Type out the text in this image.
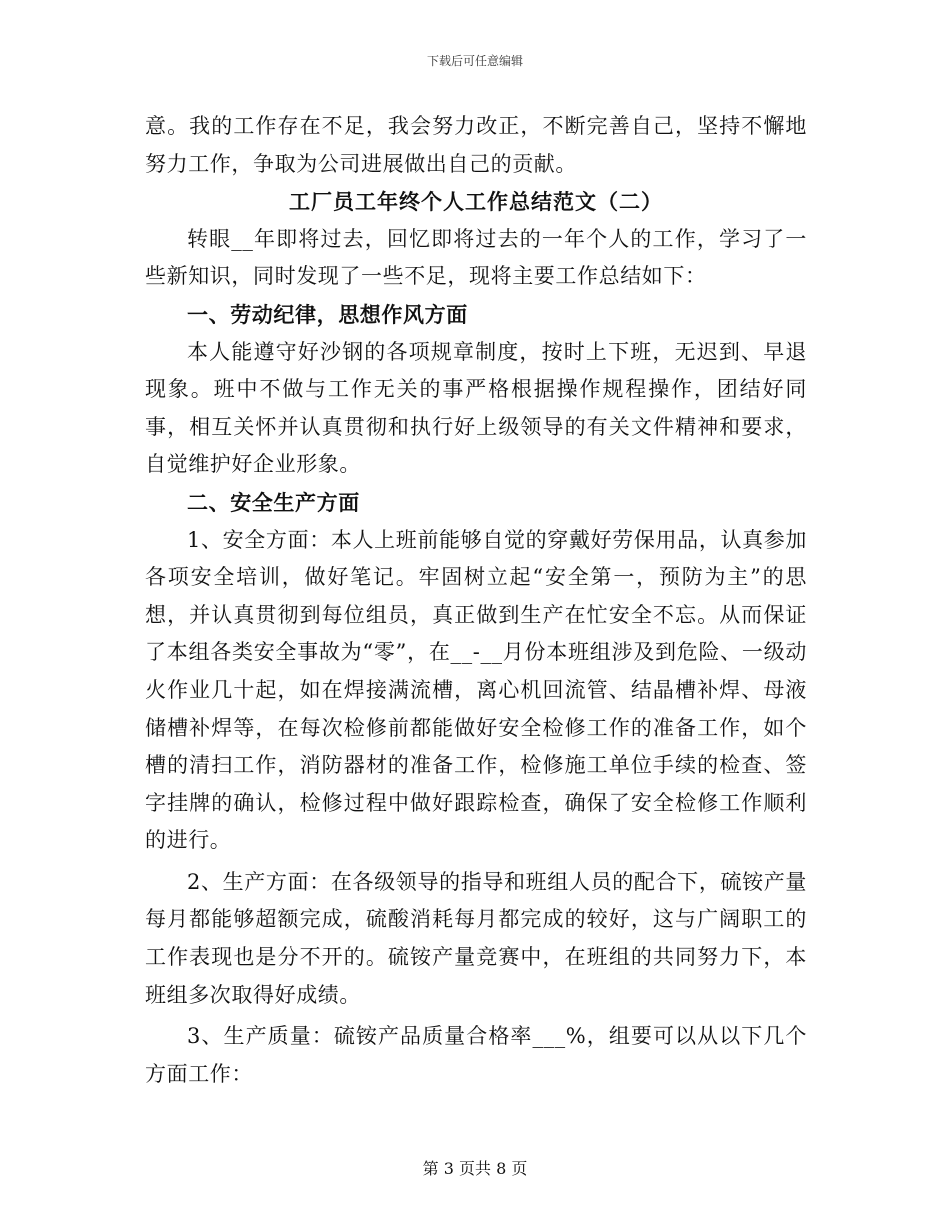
下载后可任意编辑

意。我的工作存在不足，我会努力改正，不断完善自己，坚持不懈地努力工作，争取为公司进展做出自己的贡献。

工厂员工年终个人工作总结范文（二）

转眼__年即将过去，回忆即将过去的一年个人的工作，学习了一些新知识，同时发现了一些不足，现将主要工作总结如下：

一、劳动纪律，思想作风方面

本人能遵守好沙钢的各项规章制度，按时上下班，无迟到、早退现象。班中不做与工作无关的事严格根据操作规程操作，团结好同事，相互关怀并认真贯彻和执行好上级领导的有关文件精神和要求，自觉维护好企业形象。

二、安全生产方面

1、安全方面：本人上班前能够自觉的穿戴好劳保用品，认真参加各项安全培训，做好笔记。牢固树立起“安全第一，预防为主”的思想，并认真贯彻到每位组员，真正做到生产在忙安全不忘。从而保证了本组各类安全事故为“零”，在__-__月份本班组涉及到危险、一级动火作业几十起，如在焊接满流槽，离心机回流管、结晶槽补焊、母液储槽补焊等，在每次检修前都能做好安全检修工作的准备工作，如个槽的清扫工作，消防器材的准备工作，检修施工单位手续的检查、签字挂牌的确认，检修过程中做好跟踪检查，确保了安全检修工作顺利的进行。

2、生产方面：在各级领导的指导和班组人员的配合下，硫铵产量每月都能够超额完成，硫酸消耗每月都完成的较好，这与广阔职工的工作表现也是分不开的。硫铵产量竞赛中，在班组的共同努力下，本班组多次取得好成绩。

3、生产质量：硫铵产品质量合格率___%，组要可以从以下几个方面工作：

第 3 页共 8 页
